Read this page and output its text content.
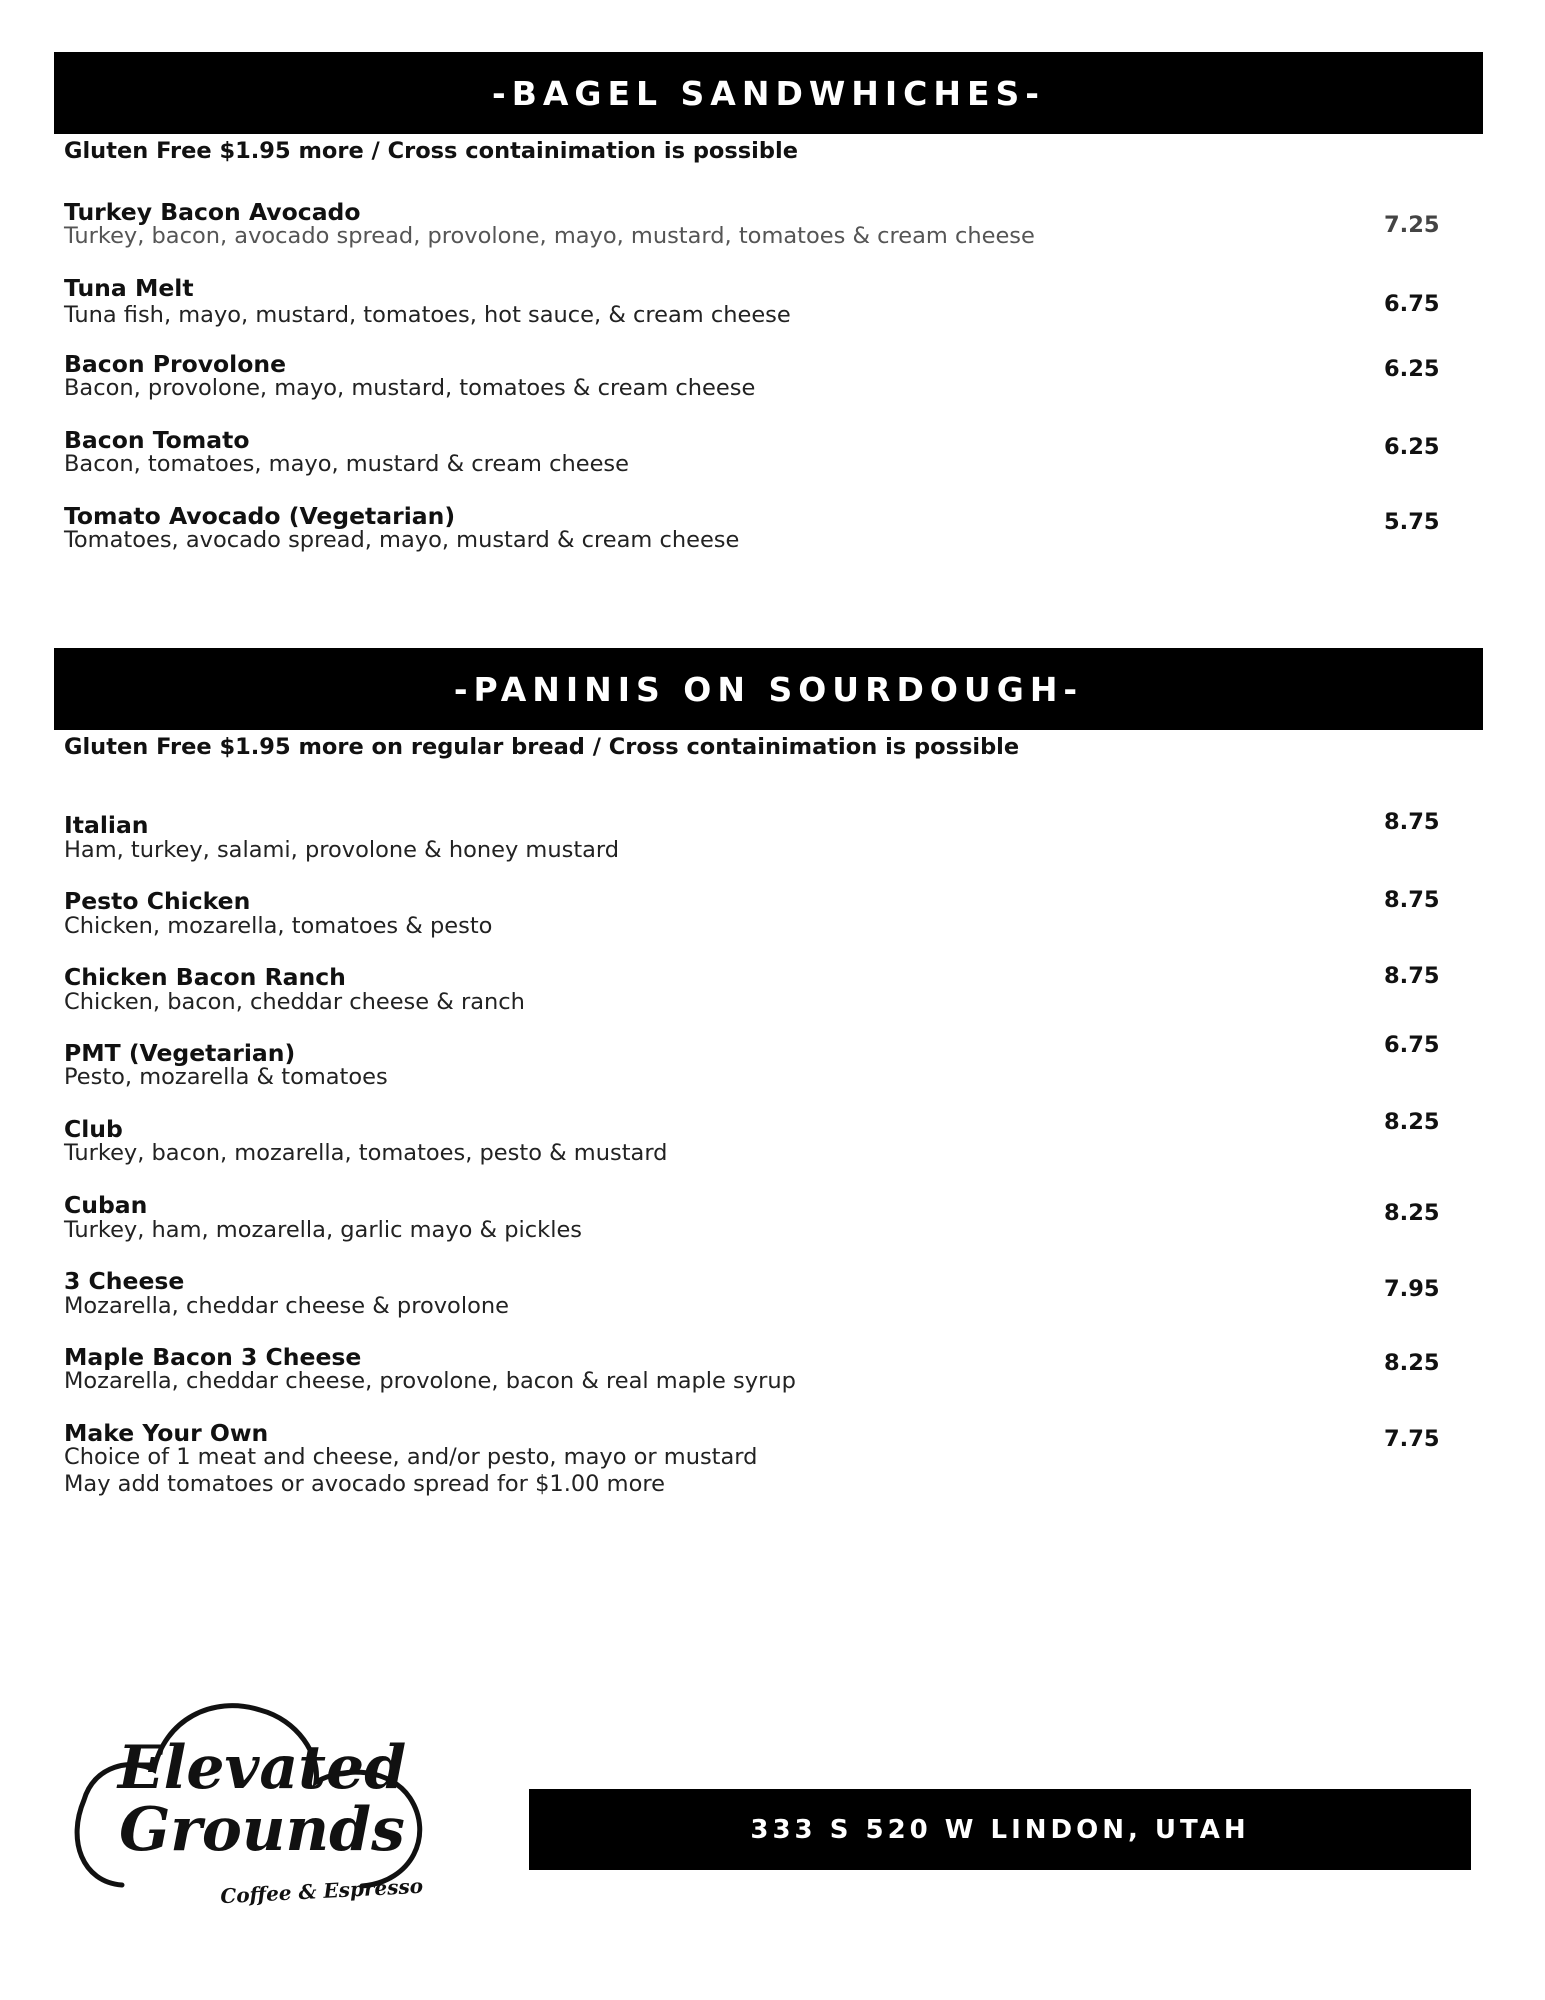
-BAGEL SANDWHICHES-
Gluten Free $1.95 more / Cross containimation is possible
Turkey Bacon Avocado
Turkey, bacon, avocado spread, provolone, mayo, mustard, tomatoes & cream cheese	7.25
Tuna Melt
Tuna fish, mayo, mustard, tomatoes, hot sauce, & cream cheese	6.75
Bacon Provolone
Bacon, provolone, mayo, mustard, tomatoes & cream cheese
6.25
Bacon Tomato
Bacon, tomatoes, mayo, mustard & cream cheese
6.25
Tomato Avocado (Vegetarian)
Tomatoes, avocado spread, mayo, mustard & cream cheese
5.75
-PANINIS ON SOURDOUGH-
Gluten Free $1.95 more on regular bread / Cross containimation is possible
Italian
Ham, turkey, salami, provolone & honey mustard
8.75
Pesto Chicken
Chicken, mozarella, tomatoes & pesto
8.75
Chicken Bacon Ranch
Chicken, bacon, cheddar cheese & ranch
8.75
PMT (Vegetarian)
Pesto, mozarella & tomatoes
6.75
Club
Turkey, bacon, mozarella, tomatoes, pesto & mustard
8.25
Cuban
Turkey, ham, mozarella, garlic mayo & pickles
8.25
3 Cheese
Mozarella, cheddar cheese & provolone
7.95
Maple Bacon 3 Cheese
Mozarella, cheddar cheese, provolone, bacon & real maple syrup
8.25
Make Your Own
Choice of 1 meat and cheese, and/or pesto, mayo or mustard
May add tomatoes or avocado spread for $1.00 more
7.75
Elevated
Grounds
Coffee & Espresso
333 S 520 W LINDON, UTAH
